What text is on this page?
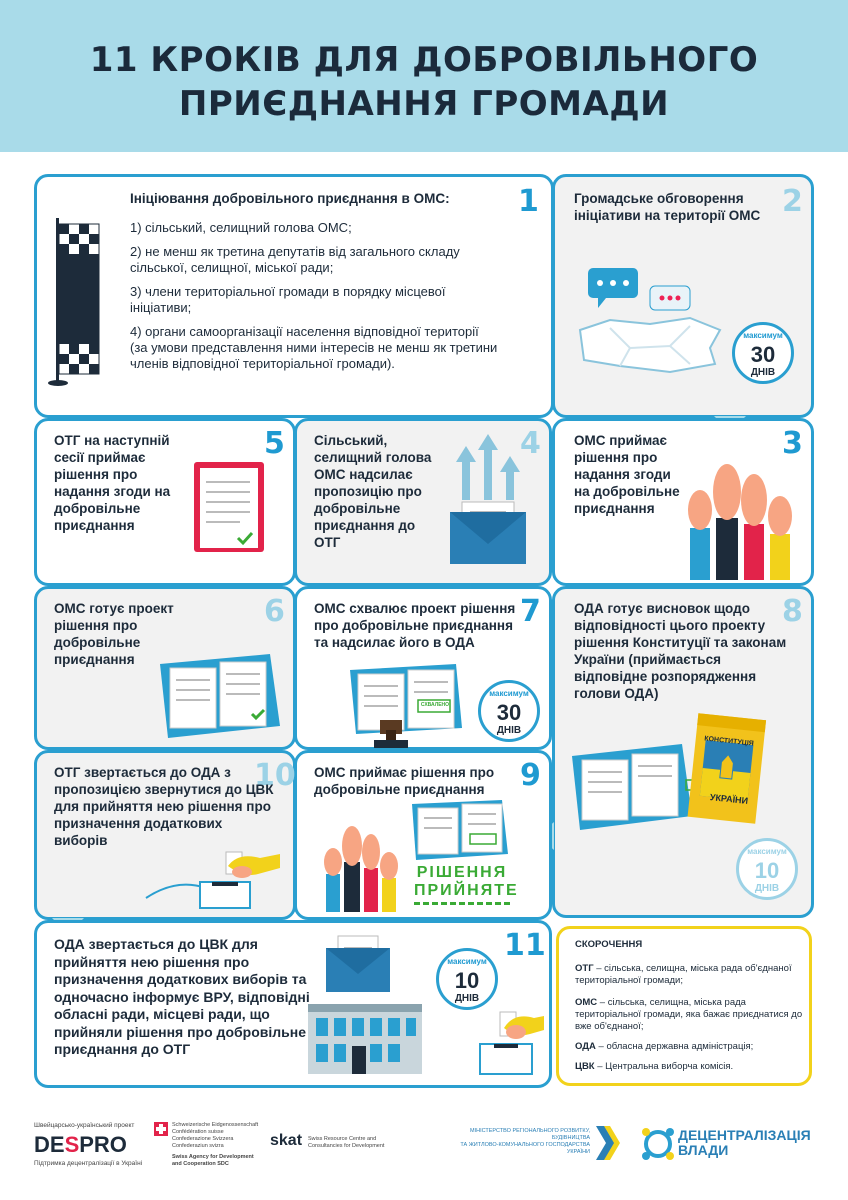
11 КРОКІВ ДЛЯ ДОБРОВІЛЬНОГО
ПРИЄДНАННЯ ГРОМАДИ
1
START
Ініціювання добровільного приєднання в ОМС:

1) сільський, селищний голова ОМС;

2) не менш як третина депутатів від загального складу сільської, селищної, міської ради;

3) члени територіальної громади в порядку місцевої ініціативи;

4) органи самоорганізації населення відповідної території
(за умови представлення ними інтересів не менш як третини членів відповідної територіальної громади).
2
Громадське обговорення ініціативи на території ОМС
максимум
30
ДНІВ
3
ОМС приймає рішення про надання згоди на добровільне приєднання
4
Сільський, селищний голова ОМС надсилає пропозицію про добровільне приєднання до ОТГ
5
ОТГ на наступній сесії приймає рішення про надання згоди на добровільне приєднання
6
ОМС готує проект рішення про добровільне приєднання
7
ОМС схвалює проект рішення про добровільне приєднання та надсилає його в ОДА
СХВАЛЕНО
максимум
30
ДНІВ
8
ОДА готує висновок щодо відповідності цього проекту рішення Конституції та законам України (приймається відповідне розпорядження голови ОДА)
КОНСТИТУЦІЯ
УКРАЇНИ
максимум
10
ДНІВ
9
ОМС приймає рішення про добровільне приєднання
РІШЕННЯ
ПРИЙНЯТЕ
10
ОТГ звертається до ОДА з пропозицією звернутися до ЦВК для прийняття нею рішення про призначення додаткових виборів
11
ОДА звертається до ЦВК для прийняття нею рішення про призначення додаткових виборів та одночасно інформує ВРУ, відповідні обласні ради, місцеві ради, що прийняли рішення про добровільне приєднання до ОТГ
максимум
10
ДНІВ
СКОРОЧЕННЯ
ОТГ – сільська, селищна, міська рада об'єднаної територіальної громади;
ОМС – сільська, селищна, міська рада територіальної громади, яка бажає приєднатися до вже об'єднаної;
ОДА – обласна державна адміністрація;
ЦВК – Центральна виборча комісія.
Швейцарсько-український проект
DESPRO
Підтримка децентралізації в Україні
Schweizerische Eidgenossenschaft
Confédération suisse
Confederazione Svizzera
Confederaziun svizra
Swiss Agency for Development
and Cooperation SDC
skat Swiss Resource Centre and
Consultancies for Development
МІНІСТЕРСТВО РЕГІОНАЛЬНОГО РОЗВИТКУ,
БУДІВНИЦТВА
ТА ЖИТЛОВО-КОМУНАЛЬНОГО ГОСПОДАРСТВА
УКРАЇНИ
ДЕЦЕНТРАЛІЗАЦІЯ
ВЛАДИ
